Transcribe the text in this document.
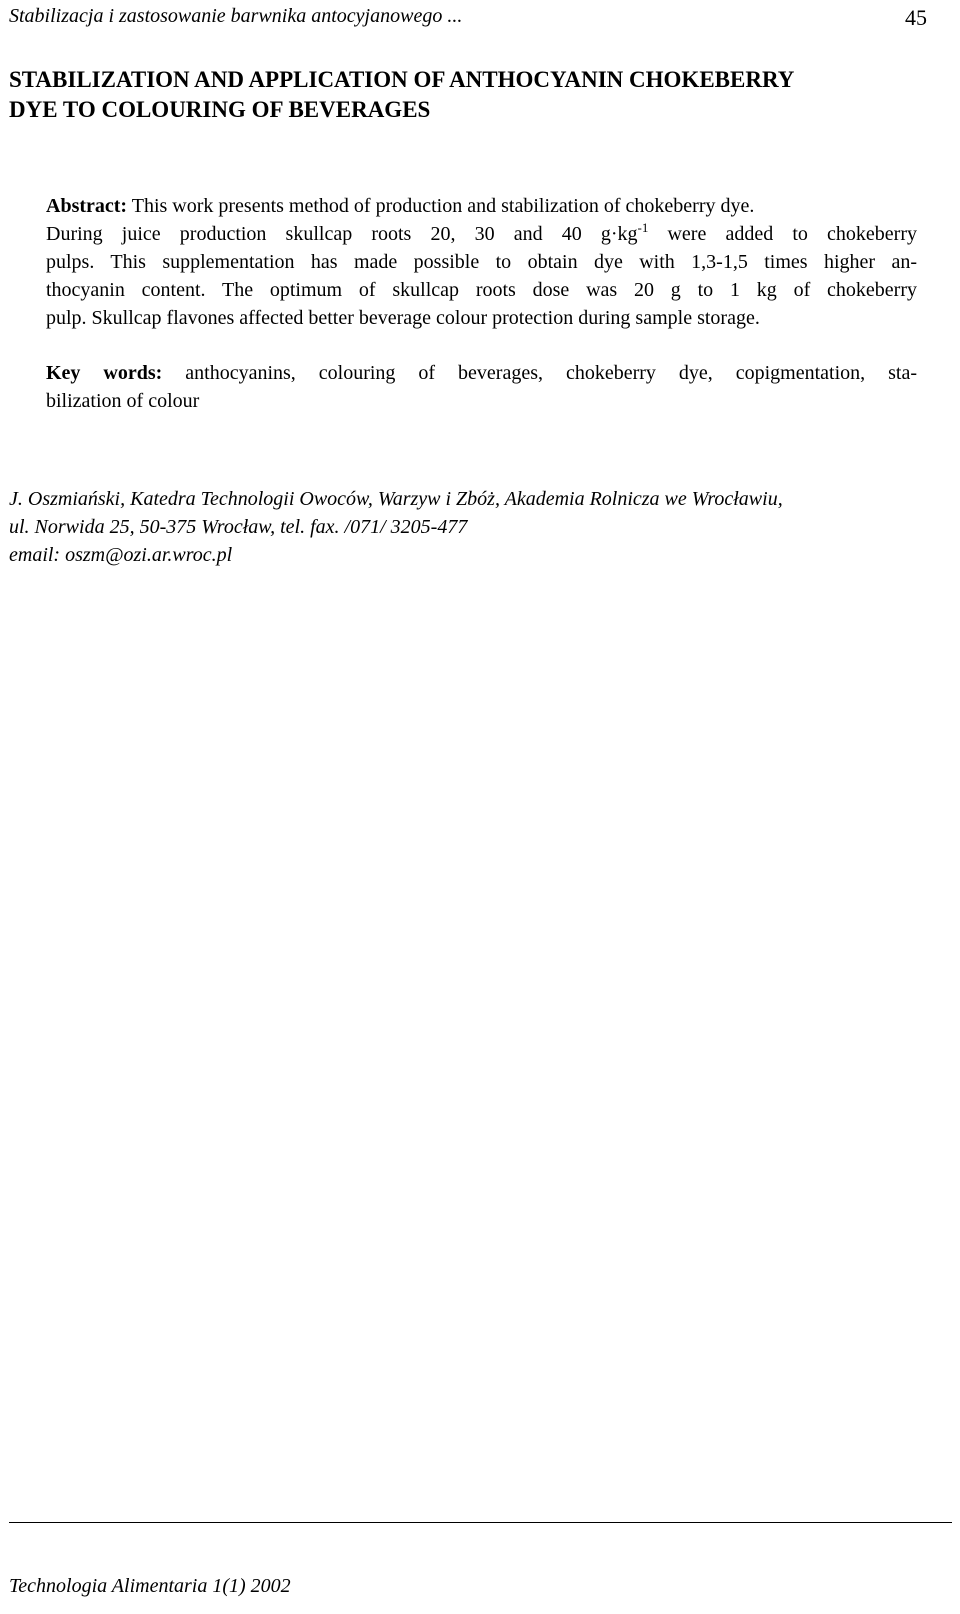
Stabilizacja i zastosowanie barwnika antocyjanowego ...	45
STABILIZATION AND APPLICATION OF ANTHOCYANIN CHOKEBERRY
DYE TO COLOURING OF BEVERAGES
Abstract: This work presents method of production and stabilization of chokeberry dye.
During juice production skullcap roots 20, 30 and 40 $g\cdot kg^{-1}$ were added to chokeberry
pulps. This supplementation has made possible to obtain dye with 1,3-1,5 times higher an-
thocyanin content. The optimum of skullcap roots dose was 20 g to 1 kg of chokeberry
pulp. Skullcap flavones affected better beverage colour protection during sample storage.
Key words: anthocyanins, colouring of beverages, chokeberry dye, copigmentation, sta-
bilization of colour
J. Oszmiański, Katedra Technologii Owoców, Warzyw i Zbóż, Akademia Rolnicza we Wrocławiu,
ul. Norwida 25, 50-375 Wrocław, tel. fax. /071/ 3205-477
email: oszm@ozi.ar.wroc.pl
Technologia Alimentaria 1(1) 2002
